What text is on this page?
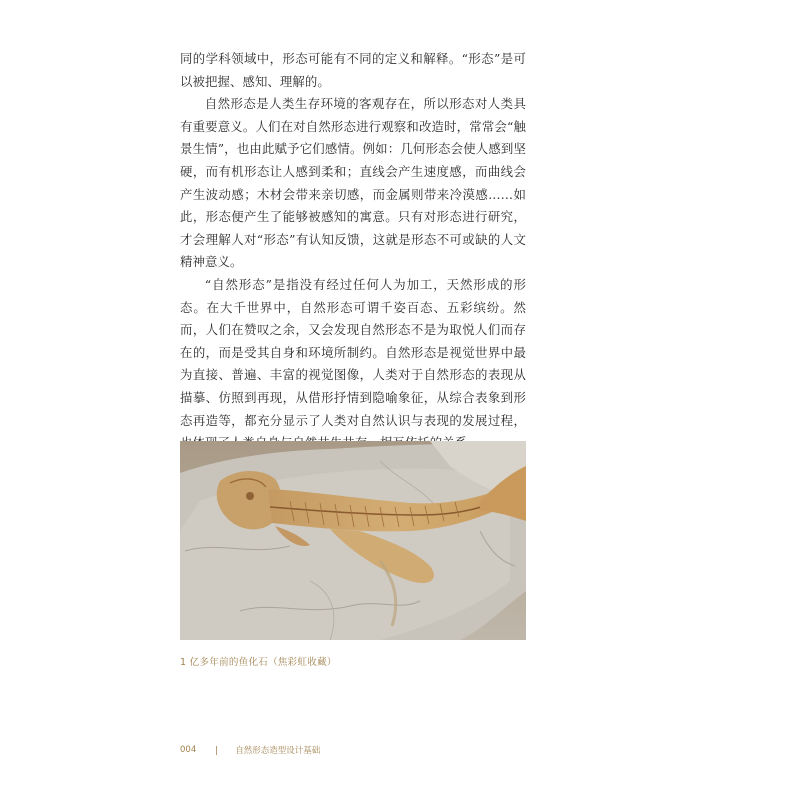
同的学科领域中，形态可能有不同的定义和解释。“形态”是可以被把握、感知、理解的。

自然形态是人类生存环境的客观存在，所以形态对人类具有重要意义。人们在对自然形态进行观察和改造时，常常会“触景生情”，也由此赋予它们感情。例如：几何形态会使人感到坚硬，而有机形态让人感到柔和；直线会产生速度感，而曲线会产生波动感；木材会带来亲切感，而金属则带来冷漠感……如此，形态便产生了能够被感知的寓意。只有对形态进行研究，才会理解人对“形态”有认知反馈，这就是形态不可或缺的人文精神意义。

“自然形态”是指没有经过任何人为加工，天然形成的形态。在大千世界中，自然形态可谓千姿百态、五彩缤纷。然而，人们在赞叹之余，又会发现自然形态不是为取悦人们而存在的，而是受其自身和环境所制约。自然形态是视觉世界中最为直接、普遍、丰富的视觉图像，人类对于自然形态的表现从描摹、仿照到再现，从借形抒情到隐喻象征，从综合表象到形态再造等，都充分显示了人类对自然认识与表现的发展过程，

1 亿多年前的鱼化石（焦彩虹收藏）
004	自然形态造型设计基础
